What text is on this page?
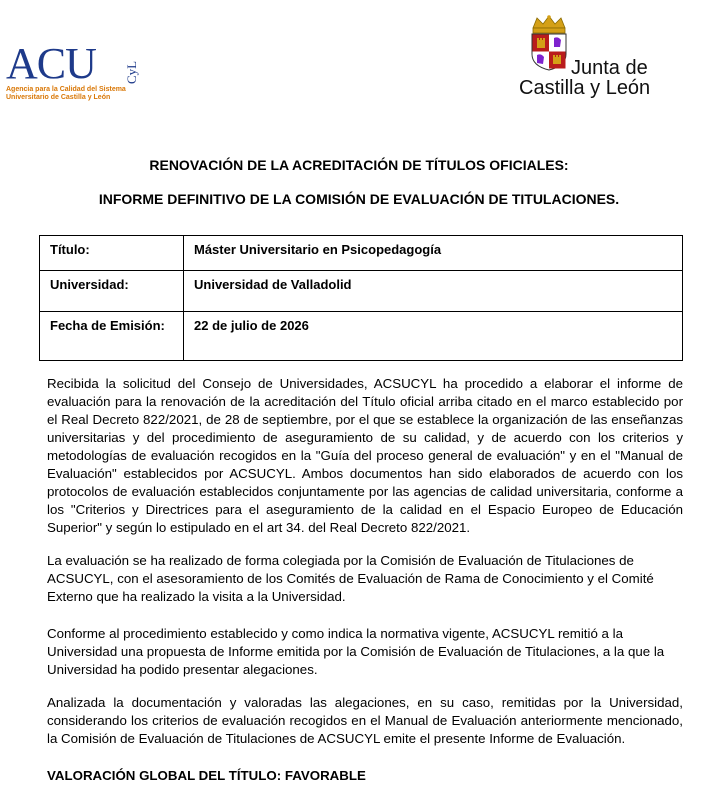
ACU CyL
Agencia para la Calidad del Sistema
Universitario de Castilla y León
Junta de
Castilla y León
RENOVACIÓN DE LA ACREDITACIÓN DE TÍTULOS OFICIALES:
INFORME DEFINITIVO DE LA COMISIÓN DE EVALUACIÓN DE TITULACIONES.
Título:	Máster Universitario en Psicopedagogía
Universidad:	Universidad de Valladolid
Fecha de Emisión:	22 de julio de 2026
Recibida la solicitud del Consejo de Universidades, ACSUCYL ha procedido a elaborar el informe de evaluación para la renovación de la acreditación del Título oficial arriba citado en el marco establecido por el Real Decreto 822/2021, de 28 de septiembre, por el que se establece la organización de las enseñanzas universitarias y del procedimiento de aseguramiento de su calidad, y de acuerdo con los criterios y metodologías de evaluación recogidos en la "Guía del proceso general de evaluación" y en el "Manual de Evaluación" establecidos por ACSUCYL. Ambos documentos han sido elaborados de acuerdo con los protocolos de evaluación establecidos conjuntamente por las agencias de calidad universitaria, conforme a los "Criterios y Directrices para el aseguramiento de la calidad en el Espacio Europeo de Educación Superior" y según lo estipulado en el art 34. del Real Decreto 822/2021.
La evaluación se ha realizado de forma colegiada por la Comisión de Evaluación de Titulaciones de ACSUCYL, con el asesoramiento de los Comités de Evaluación de Rama de Conocimiento y el Comité Externo que ha realizado la visita a la Universidad.
Conforme al procedimiento establecido y como indica la normativa vigente, ACSUCYL remitió a la Universidad una propuesta de Informe emitida por la Comisión de Evaluación de Titulaciones, a la que la Universidad ha podido presentar alegaciones.
Analizada la documentación y valoradas las alegaciones, en su caso, remitidas por la Universidad, considerando los criterios de evaluación recogidos en el Manual de Evaluación anteriormente mencionado, la Comisión de Evaluación de Titulaciones de ACSUCYL emite el presente Informe de Evaluación.
VALORACIÓN GLOBAL DEL TÍTULO: FAVORABLE
